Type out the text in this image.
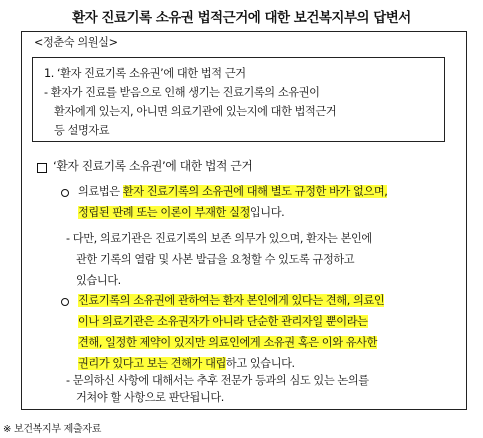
환자 진료기록 소유권 법적근거에 대한 보건복지부의 답변서
<정춘숙 의원실>
1. ‘환자 진료기록 소유권’에 대한 법적 근거
- 환자가 진료를 받음으로 인해 생기는 진료기록의 소유권이
환자에게 있는지, 아니면 의료기관에 있는지에 대한 법적근거
등 설명자료
‘환자 진료기록 소유권’에 대한 법적 근거
의료법은 환자 진료기록의 소유권에 대해 별도 규정한 바가 없으며,
정립된 판례 또는 이론이 부재한 실정입니다.
- 다만, 의료기관은 진료기록의 보존 의무가 있으며, 환자는 본인에
관한 기록의 열람 및 사본 발급을 요청할 수 있도록 규정하고
있습니다.
진료기록의 소유권에 관하여는 환자 본인에게 있다는 견해, 의료인
이나 의료기관은 소유권자가 아니라 단순한 관리자일 뿐이라는
견해, 일정한 제약이 있지만 의료인에게 소유권 혹은 이와 유사한
권리가 있다고 보는 견해가 대립하고 있습니다.
- 문의하신 사항에 대해서는 추후 전문가 등과의 심도 있는 논의를
거쳐야 할 사항으로 판단됩니다.
※ 보건복지부 제출자료
